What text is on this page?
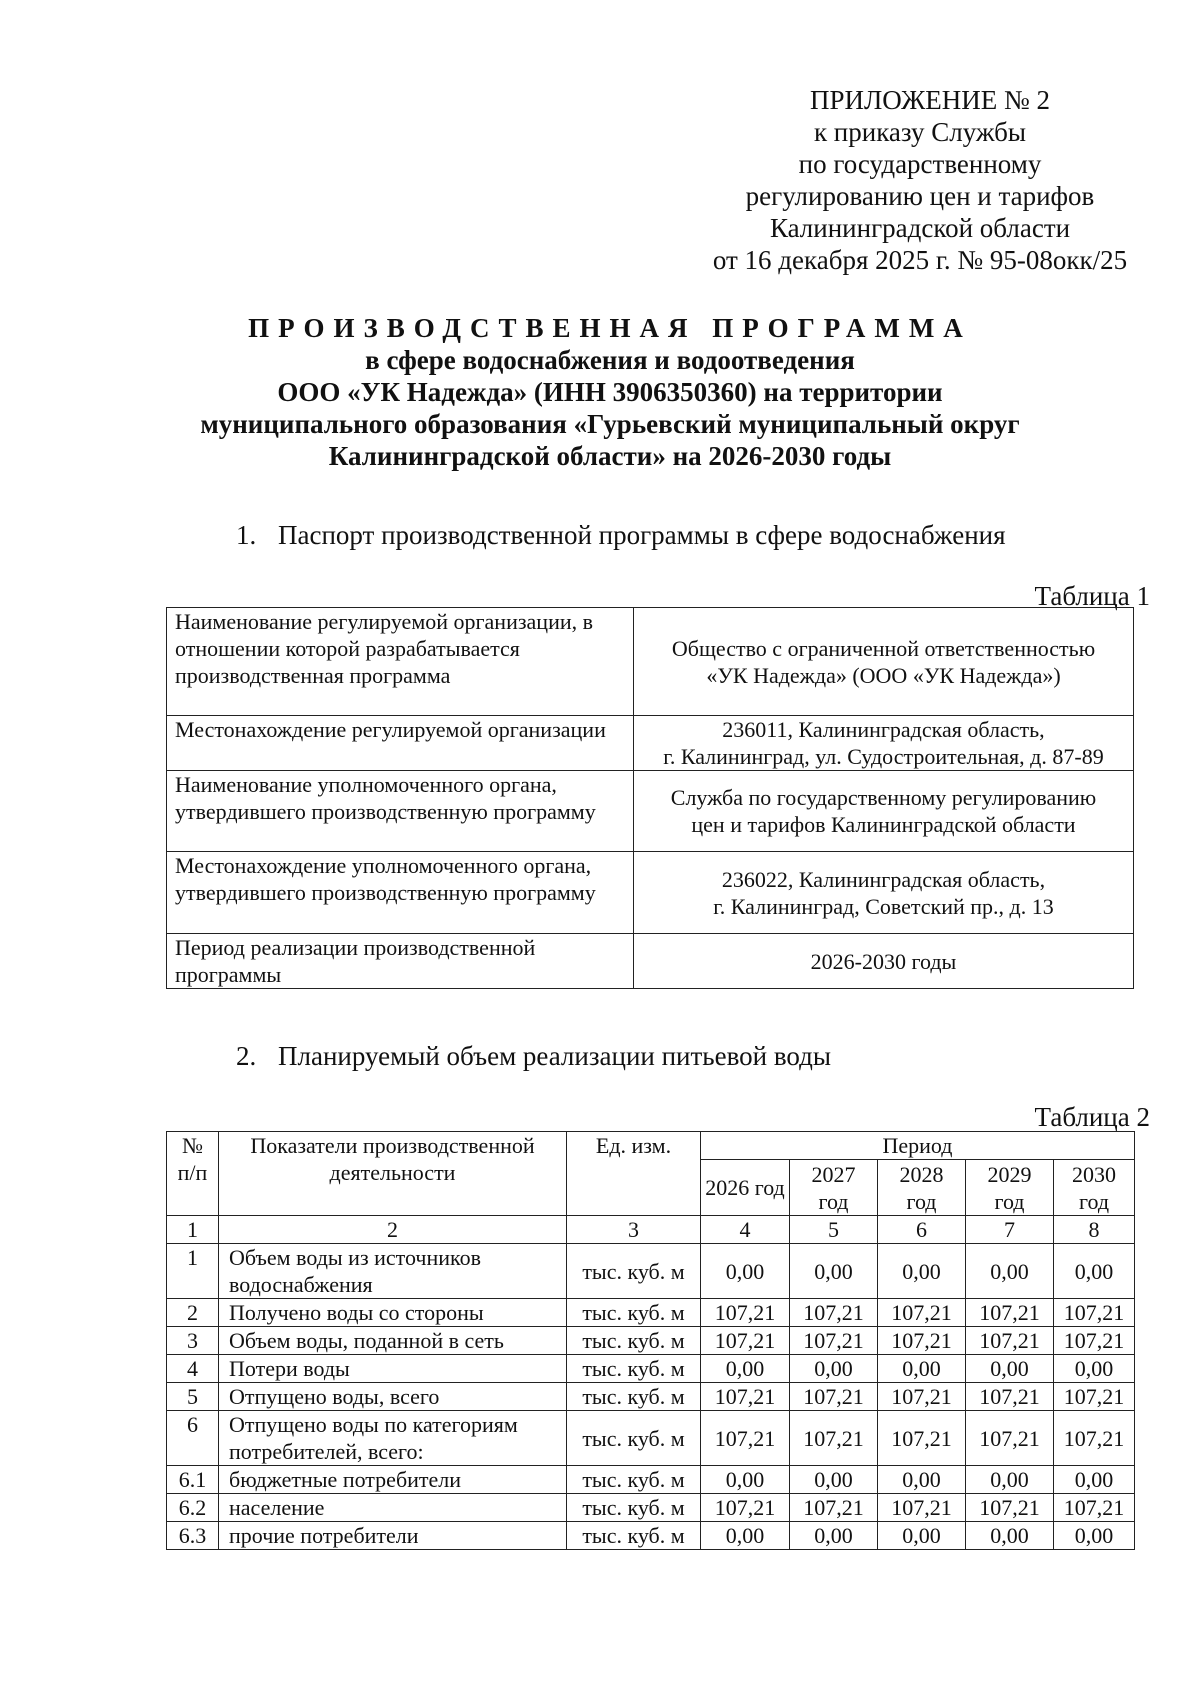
ПРИЛОЖЕНИЕ № 2
к приказу Службы
по государственному
регулированию цен и тарифов
Калининградской области
от 16 декабря 2025 г. № 95-08окк/25
ПРОИЗВОДСТВЕННАЯ ПРОГРАММА
в сфере водоснабжения и водоотведения
ООО «УК Надежда» (ИНН 3906350360) на территории
муниципального образования «Гурьевский муниципальный округ
Калининградской области» на 2026-2030 годы
1. Паспорт производственной программы в сфере водоснабжения
Таблица 1
Наименование регулируемой организации, в отношении которой разрабатывается производственная программа	Общество с ограниченной ответственностью
«УК Надежда» (ООО «УК Надежда»)

Местонахождение регулируемой организации	236011, Калининградская область,
г. Калининград, ул. Судостроительная, д. 87-89

Наименование уполномоченного органа, утвердившего производственную программу	Служба по государственному регулированию
цен и тарифов Калининградской области

Местонахождение уполномоченного органа, утвердившего производственную программу	236022, Калининградская область,
г. Калининград, Советский пр., д. 13

Период реализации производственной программы	2026-2030 годы
2. Планируемый объем реализации питьевой воды
Таблица 2
№ п/п	Показатели производственной деятельности	Ед. изм.	Период				
			2026 год	2027 год	2028 год	2029 год	2030 год
1	2	3	4	5	6	7	8
1	Объем воды из источников водоснабжения	тыс. куб. м	0,00	0,00	0,00	0,00	0,00
2	Получено воды со стороны	тыс. куб. м	107,21	107,21	107,21	107,21	107,21
3	Объем воды, поданной в сеть	тыс. куб. м	107,21	107,21	107,21	107,21	107,21
4	Потери воды	тыс. куб. м	0,00	0,00	0,00	0,00	0,00
5	Отпущено воды, всего	тыс. куб. м	107,21	107,21	107,21	107,21	107,21
6	Отпущено воды по категориям потребителей, всего:	тыс. куб. м	107,21	107,21	107,21	107,21	107,21
6.1	бюджетные потребители	тыс. куб. м	0,00	0,00	0,00	0,00	0,00
6.2	население	тыс. куб. м	107,21	107,21	107,21	107,21	107,21
6.3	прочие потребители	тыс. куб. м	0,00	0,00	0,00	0,00	0,00
